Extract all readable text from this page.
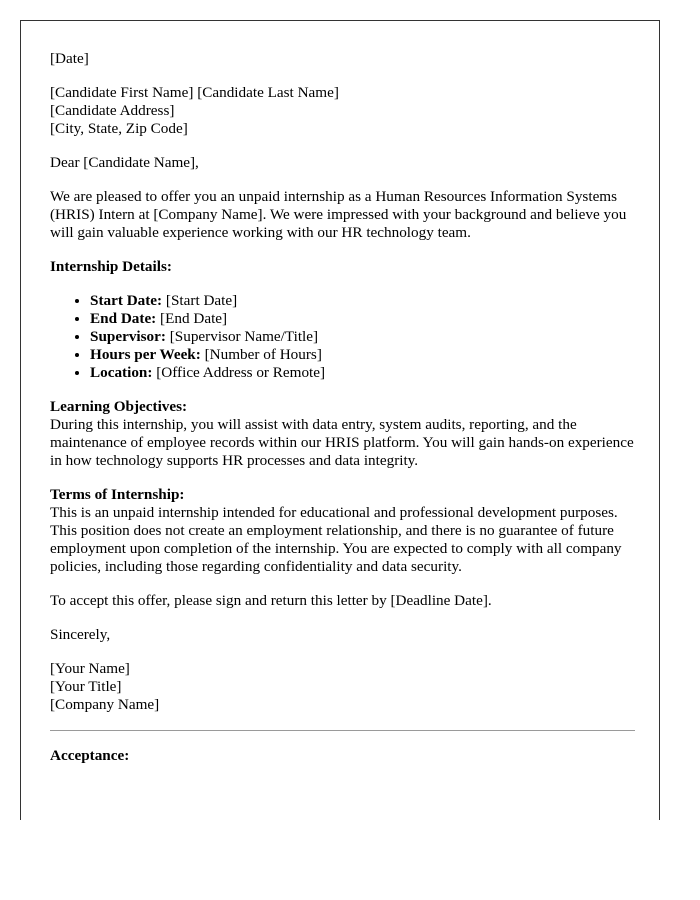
[Date]

[Candidate First Name] [Candidate Last Name]
[Candidate Address]
[City, State, Zip Code]

Dear [Candidate Name],

We are pleased to offer you an unpaid internship as a Human Resources Information Systems (HRIS) Intern at [Company Name]. We were impressed with your background and believe you will gain valuable experience working with our HR technology team.

Internship Details:

• Start Date: [Start Date]
• End Date: [End Date]
• Supervisor: [Supervisor Name/Title]
• Hours per Week: [Number of Hours]
• Location: [Office Address or Remote]

Learning Objectives:
During this internship, you will assist with data entry, system audits, reporting, and the maintenance of employee records within our HRIS platform. You will gain hands-on experience in how technology supports HR processes and data integrity.

Terms of Internship:
This is an unpaid internship intended for educational and professional development purposes. This position does not create an employment relationship, and there is no guarantee of future employment upon completion of the internship. You are expected to comply with all company policies, including those regarding confidentiality and data security.

To accept this offer, please sign and return this letter by [Deadline Date].

Sincerely,

[Your Name]
[Your Title]
[Company Name]

Acceptance:
